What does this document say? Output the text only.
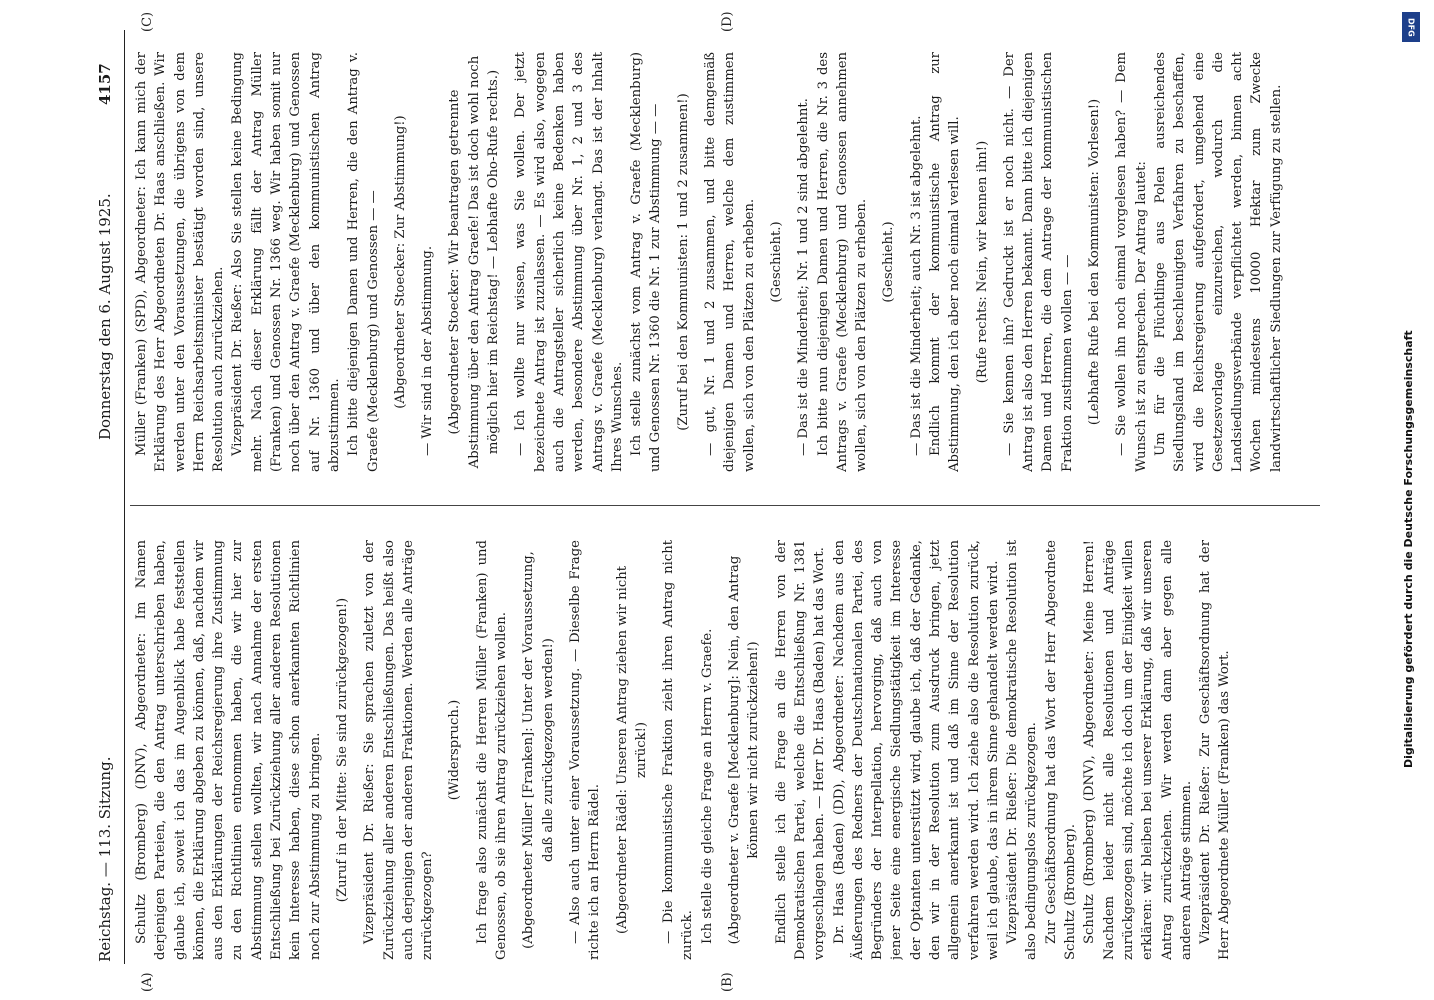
Reichstag. — 113. Sitzung.
Donnerstag den 6. August 1925.
4157
(A)	(B)
(C)	(D)

Schultz (Bromberg) (DNV), Abgeordneter: Im Namen derjenigen Parteien, die den Antrag unterschrieben haben, glaube ich, soweit ich das im Augenblick habe feststellen können, die Erklärung abgeben zu können, daß, nachdem wir aus den Erklärungen der Reichsregierung ihre Zustimmung zu den Richtlinien entnommen haben, die wir hier zur Abstimmung stellen wollten, wir nach Annahme der ersten Entschließung bei Zurückziehung aller anderen Resolutionen kein Interesse haben, diese schon anerkannten Richtlinien noch zur Abstimmung zu bringen. (Zuruf in der Mitte: Sie sind zurückgezogen!) Vizepräsident Dr. Rießer: Sie sprachen zuletzt von der Zurückziehung aller anderen Entschließungen. Das heißt also auch derjenigen der anderen Fraktionen. Werden alle Anträge zurückgezogen?

(Widerspruch.) Ich frage also zunächst die Herren Müller (Franken) und Genossen, ob sie ihren Antrag zurückziehen wollen. (Abgeordneter Müller [Franken]: Unter der Voraussetzung, daß alle zurückgezogen werden!) — Also auch unter einer Voraussetzung. — Dieselbe Frage richte ich an Herrn Rädel. (Abgeordneter Rädel: Unseren Antrag ziehen wir nicht zurück!) — Die kommunistische Fraktion zieht ihren Antrag nicht zurück. Ich stelle die gleiche Frage an Herrn v. Graefe. (Abgeordneter v. Graefe [Mecklenburg]: Nein, den Antrag können wir nicht zurückziehen!) Endlich stelle ich die Frage an die Herren von der Demokratischen Partei, welche die Entschließung Nr. 1381 vorgeschlagen haben. — Herr Dr. Haas (Baden) hat das Wort. Dr. Haas (Baden) (DD), Abgeordneter: Nachdem aus den Äußerungen des Redners der Deutschnationalen Partei, des Begründers der Interpellation, hervorging, daß auch von jener Seite eine energische Siedlungstätigkeit im Interesse der Optanten unterstützt wird, glaube ich, daß der Gedanke, den wir in der Resolution zum Ausdruck bringen, jetzt allgemein anerkannt ist und daß im Sinne der Resolution verfahren werden wird. Ich ziehe also die Resolution zurück, weil ich glaube, das in ihrem Sinne gehandelt werden wird. Vizepräsident Dr. Rießer: Die demokratische Resolution ist also bedingungslos zurückgezogen. Zur Geschäftsordnung hat das Wort der Herr Abgeordnete Schultz (Bromberg). Schultz (Bromberg) (DNV), Abgeordneter: Meine Herren! Nachdem leider nicht alle Resolutionen und Anträge zurückgezogen sind, möchte ich doch um der Einigkeit willen erklären: wir bleiben bei unserer Erklärung, daß wir unseren Antrag zurückziehen. Wir werden dann aber gegen alle anderen Anträge stimmen. Vizepräsident Dr. Rießer: Zur Geschäftsordnung hat der Herr Abgeordnete Müller (Franken) das Wort.

Müller (Franken) (SPD), Abgeordneter: Ich kann mich der Erklärung des Herr Abgeordneten Dr. Haas anschließen. Wir werden unter den Voraussetzungen, die übrigens von dem Herrn Reichsarbeitsminister bestätigt worden sind, unsere Resolution auch zurückziehen. Vizepräsident Dr. Rießer: Also Sie stellen keine Bedingung mehr. Nach dieser Erklärung fällt der Antrag Müller (Franken) und Genossen Nr. 1366 weg. Wir haben somit nur noch über den Antrag v. Graefe (Mecklenburg) und Genossen auf Nr. 1360 und über den kommunistischen Antrag abzustimmen. Ich bitte diejenigen Damen und Herren, die den Antrag v. Graefe (Mecklenburg) und Genossen — — (Abgeordneter Stoecker: Zur Abstimmung!) — Wir sind in der Abstimmung. (Abgeordneter Stoecker: Wir beantragen getrennte Abstimmung über den Antrag Graefe! Das ist doch wohl noch möglich hier im Reichstag! — Lebhafte Oho-Rufe rechts.) — Ich wollte nur wissen, was Sie wollen. Der jetzt bezeichnete Antrag ist zuzulassen. — Es wird also, wogegen auch die Antragsteller sicherlich keine Bedenken haben werden, besondere Abstimmung über Nr. 1, 2 und 3 des Antrags v. Graefe (Mecklenburg) verlangt. Das ist der Inhalt Ihres Wunsches. Ich stelle zunächst vom Antrag v. Graefe (Mecklenburg) und Genossen Nr. 1360 die Nr. 1 zur Abstimmung — — (Zuruf bei den Kommunisten: 1 und 2 zusammen!) — gut, Nr. 1 und 2 zusammen, und bitte demgemäß diejenigen Damen und Herren, welche dem zustimmen wollen, sich von den Plätzen zu erheben. (Geschieht.) — Das ist die Minderheit; Nr. 1 und 2 sind abgelehnt. Ich bitte nun diejenigen Damen und Herren, die Nr. 3 des Antrags v. Graefe (Mecklenburg) und Genossen annehmen wollen, sich von den Plätzen zu erheben. (Geschieht.) — Das ist die Minderheit; auch Nr. 3 ist abgelehnt. Endlich kommt der kommunistische Antrag zur Abstimmung, den ich aber noch einmal verlesen will. (Rufe rechts: Nein, wir kennen ihn!) — Sie kennen ihn? Gedruckt ist er noch nicht. — Der Antrag ist also den Herren bekannt. Dann bitte ich diejenigen Damen und Herren, die dem Antrage der kommunistischen Fraktion zustimmen wollen — — (Lebhafte Rufe bei den Kommunisten: Vorlesen!) — Sie wollen ihn noch einmal vorgelesen haben? — Dem Wunsch ist zu entsprechen. Der Antrag lautet: Um für die Flüchtlinge aus Polen ausreichendes Siedlungsland im beschleunigten Verfahren zu beschaffen, wird die Reichsregierung aufgefordert, umgehend eine Gesetzesvorlage einzureichen, wodurch die Landsiedlungsverbände verpflichtet werden, binnen acht Wochen mindestens 10000 Hektar zum Zwecke landwirtschaftlicher Siedlungen zur Verfügung zu stellen.

DFG
Digitalisierung gefördert durch die Deutsche Forschungsgemeinschaft
